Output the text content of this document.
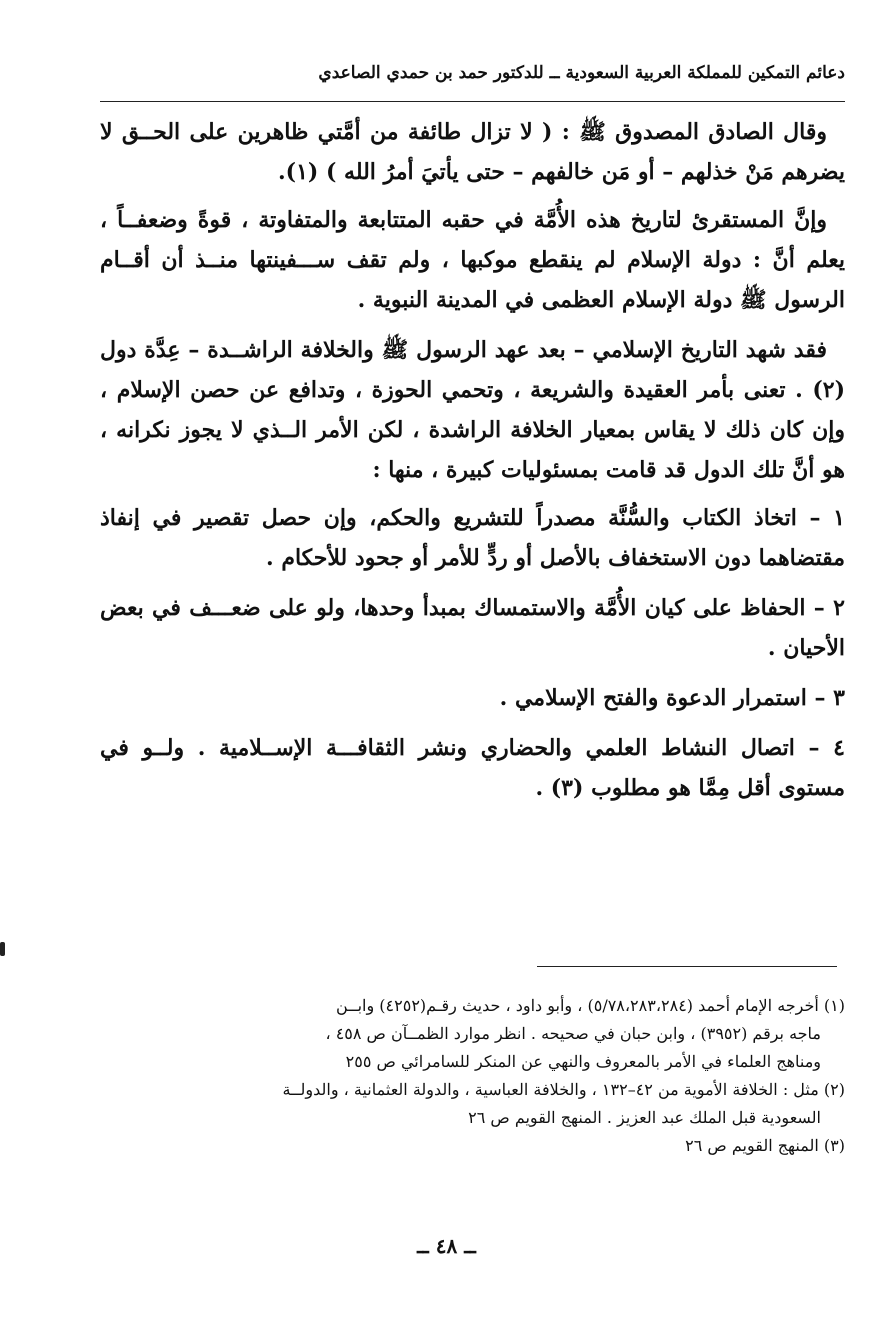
دعائم التمكين للمملكة العربية السعودية ــ للدكتور حمد بن حمدي الصاعدي

وقال الصادق المصدوق ﷺ : ( لا تزال طائفة من أمَّتي ظاهرين على الحــق لا يضرهم مَنْ خذلهم – أو مَن خالفهم – حتى يأتيَ أمرُ الله ) (١).

وإنَّ المستقرئ لتاريخ هذه الأُمَّة في حقبه المتتابعة والمتفاوتة ، قوةً وضعفــاً ، يعلم أنَّ : دولة الإسلام لم ينقطع موكبها ، ولم تقف ســـفينتها منــذ أن أقــام الرسول ﷺ دولة الإسلام العظمى في المدينة النبوية .

فقد شهد التاريخ الإسلامي – بعد عهد الرسول ﷺ والخلافة الراشــدة – عِدَّة دول (٢) . تعنى بأمر العقيدة والشريعة ، وتحمي الحوزة ، وتدافع عن حصن الإسلام ، وإن كان ذلك لا يقاس بمعيار الخلافة الراشدة ، لكن الأمر الــذي لا يجوز نكرانه ، هو أنَّ تلك الدول قد قامت بمسئوليات كبيرة ، منها :

١ – اتخاذ الكتاب والسُّنَّة مصدراً للتشريع والحكم، وإن حصل تقصير في إنفاذ مقتضاهما دون الاستخفاف بالأصل أو ردٍّ للأمر أو جحود للأحكام .

٢ – الحفاظ على كيان الأُمَّة والاستمساك بمبدأ وحدها، ولو على ضعـــف في بعض الأحيان .

٣ – استمرار الدعوة والفتح الإسلامي .

٤ – اتصال النشاط العلمي والحضاري ونشر الثقافـــة الإســلامية . ولــو في مستوى أقل مِمَّا هو مطلوب (٣) .

(١) أخرجه الإمام أحمد (٥/٧٨،٢٨٣،٢٨٤) ، وأبو داود ، حديث رقـم(٤٢٥٢) وابــن

ماجه برقم (٣٩٥٢) ، وابن حبان في صحيحه . انظر موارد الظمــآن ص ٤٥٨ ،

ومناهج العلماء في الأمر بالمعروف والنهي عن المنكر للسامرائي ص ٢٥٥

(٢) مثل : الخلافة الأموية من ٤٢–١٣٢ ، والخلافة العباسية ، والدولة العثمانية ، والدولــة

السعودية قبل الملك عبد العزيز . المنهج القويم ص ٢٦

(٣) المنهج القويم ص ٢٦

ــ ٤٨ ــ
